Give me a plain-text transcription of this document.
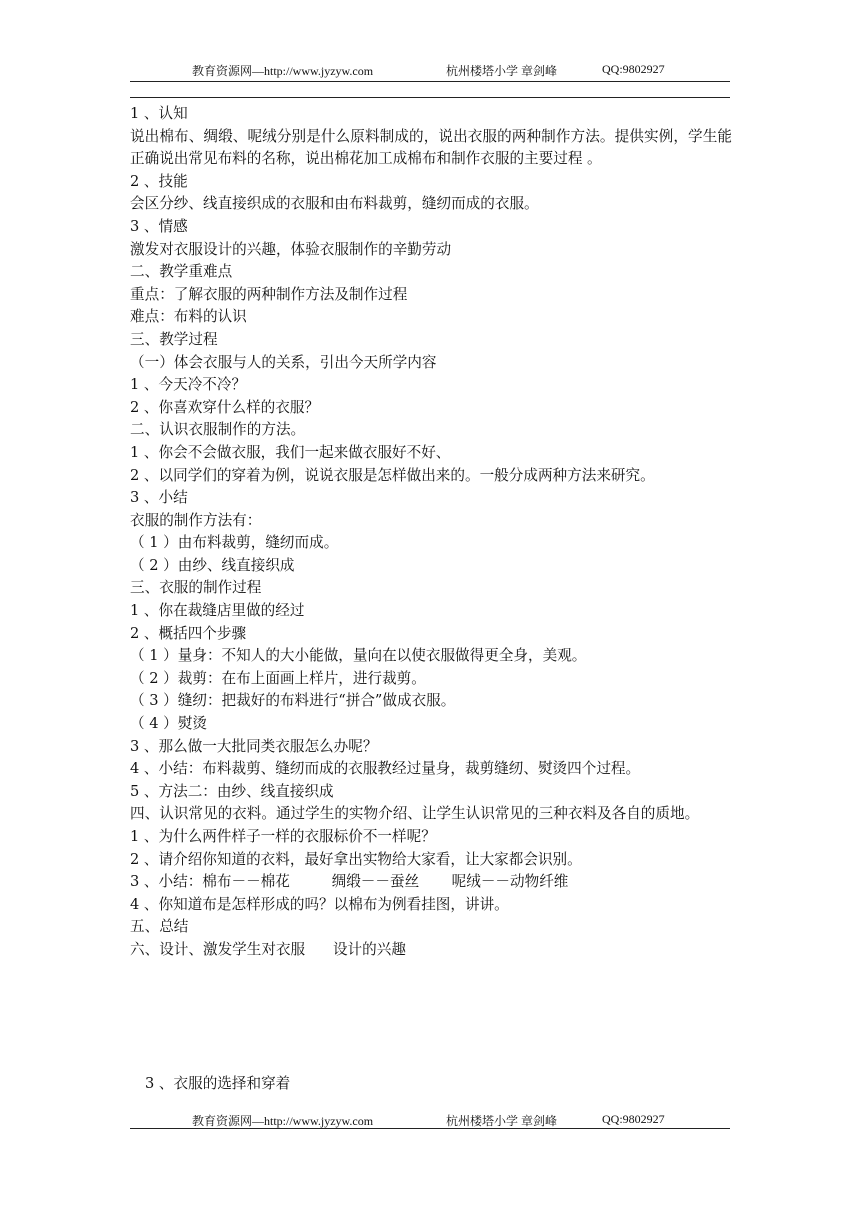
教育资源网—http://www.jyzyw.com	杭州楼塔小学 章剑峰	QQ:9802927
1 、认知
说出棉布、绸缎、呢绒分别是什么原料制成的，说出衣服的两种制作方法。提供实例，学生能正确说出常见布料的名称，说出棉花加工成棉布和制作衣服的主要过程 。
2 、技能
会区分纱、线直接织成的衣服和由布料裁剪，缝纫而成的衣服。
3 、情感
激发对衣服设计的兴趣，体验衣服制作的辛勤劳动
二、教学重难点
重点：了解衣服的两种制作方法及制作过程
难点：布料的认识
三、教学过程
（一）体会衣服与人的关系，引出今天所学内容
1 、今天冷不冷？
2 、你喜欢穿什么样的衣服？
二、认识衣服制作的方法。
1 、你会不会做衣服，我们一起来做衣服好不好、
2 、以同学们的穿着为例，说说衣服是怎样做出来的。一般分成两种方法来研究。
3 、小结
衣服的制作方法有：
（ 1 ）由布料裁剪，缝纫而成。
（ 2 ）由纱、线直接织成
三、衣服的制作过程
1 、你在裁缝店里做的经过
2 、概括四个步骤
（ 1 ）量身：不知人的大小能做，量向在以使衣服做得更全身，美观。
（ 2 ）裁剪：在布上面画上样片，进行裁剪。
（ 3 ）缝纫：把裁好的布料进行“拼合”做成衣服。
（ 4 ）熨烫
3 、那么做一大批同类衣服怎么办呢？
4 、小结：布料裁剪、缝纫而成的衣服教经过量身，裁剪缝纫、熨烫四个过程。
5 、方法二：由纱、线直接织成
四、认识常见的衣料。通过学生的实物介绍、让学生认识常见的三种衣料及各自的质地。
1 、为什么两件样子一样的衣服标价不一样呢？
2 、请介绍你知道的衣料，最好拿出实物给大家看，让大家都会识别。
3 、小结：棉布－－棉花         绸缎－－蚕丝       呢绒－－动物纤维
4 、你知道布是怎样形成的吗？以棉布为例看挂图，讲讲。
五、总结
六、设计、激发学生对衣服      设计的兴趣
3 、衣服的选择和穿着
教育资源网—http://www.jyzyw.com	杭州楼塔小学 章剑峰	QQ:9802927
